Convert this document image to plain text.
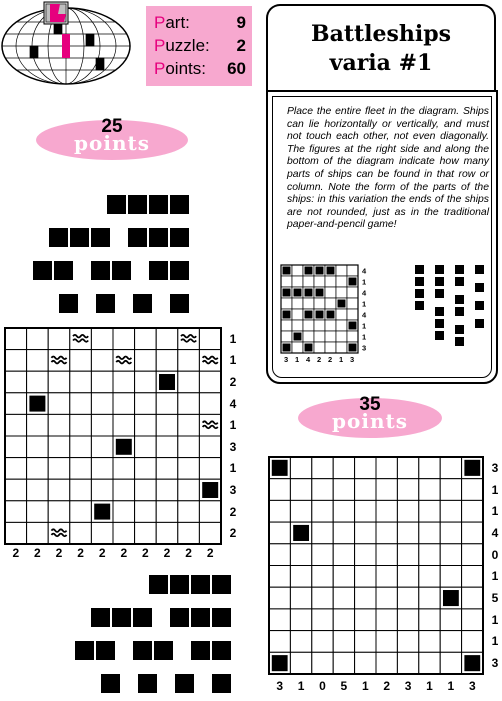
Part:	9
Puzzle: 2
Points: 60
Battleships
varia #1
Place the entire fleet in the diagram. Ships can lie horizontally or vertically, and must not touch each other, not even diagonally. The figures at the right side and along the bottom of the diagram indicate how many parts of ships can be found in that row or column. Note the form of the parts of the ships: in this variation the ends of the ships are not rounded, just as in the traditional paper-and-pencil game!
4
1
4
1
4
1
1
3
3 1 4 2 2 1 3
points
25
1
1
2
4
1
3
1
3
2
2
2 2 2 2 2 2 2 2 2 2
points
35
3
1
1
4
0
1
5
1
1
3
3 1 0 5 1 2 3 1 1 3
